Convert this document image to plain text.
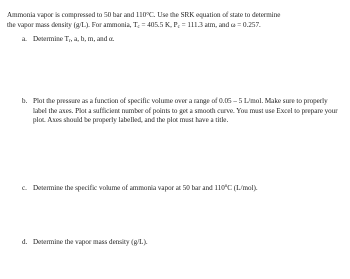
Ammonia vapor is compressed to 50 bar and 110°C. Use the SRK equation of state to determine
the vapor mass density (g/L). For ammonia, $T_c = 405.5$ K, $P_c = 111.3$ atm, and ω = 0.257.

a. Determine $T_r$, a, b, m, and α.
b. Plot the pressure as a function of specific volume over a range of 0.05 – 5 L/mol. Make sure to properly label the axes. Plot a sufficient number of points to get a smooth curve. You must use Excel to prepare your plot. Axes should be properly labelled, and the plot must have a title.
c. Determine the specific volume of ammonia vapor at 50 bar and 110$^o$C (L/mol).
d. Determine the vapor mass density (g/L).
